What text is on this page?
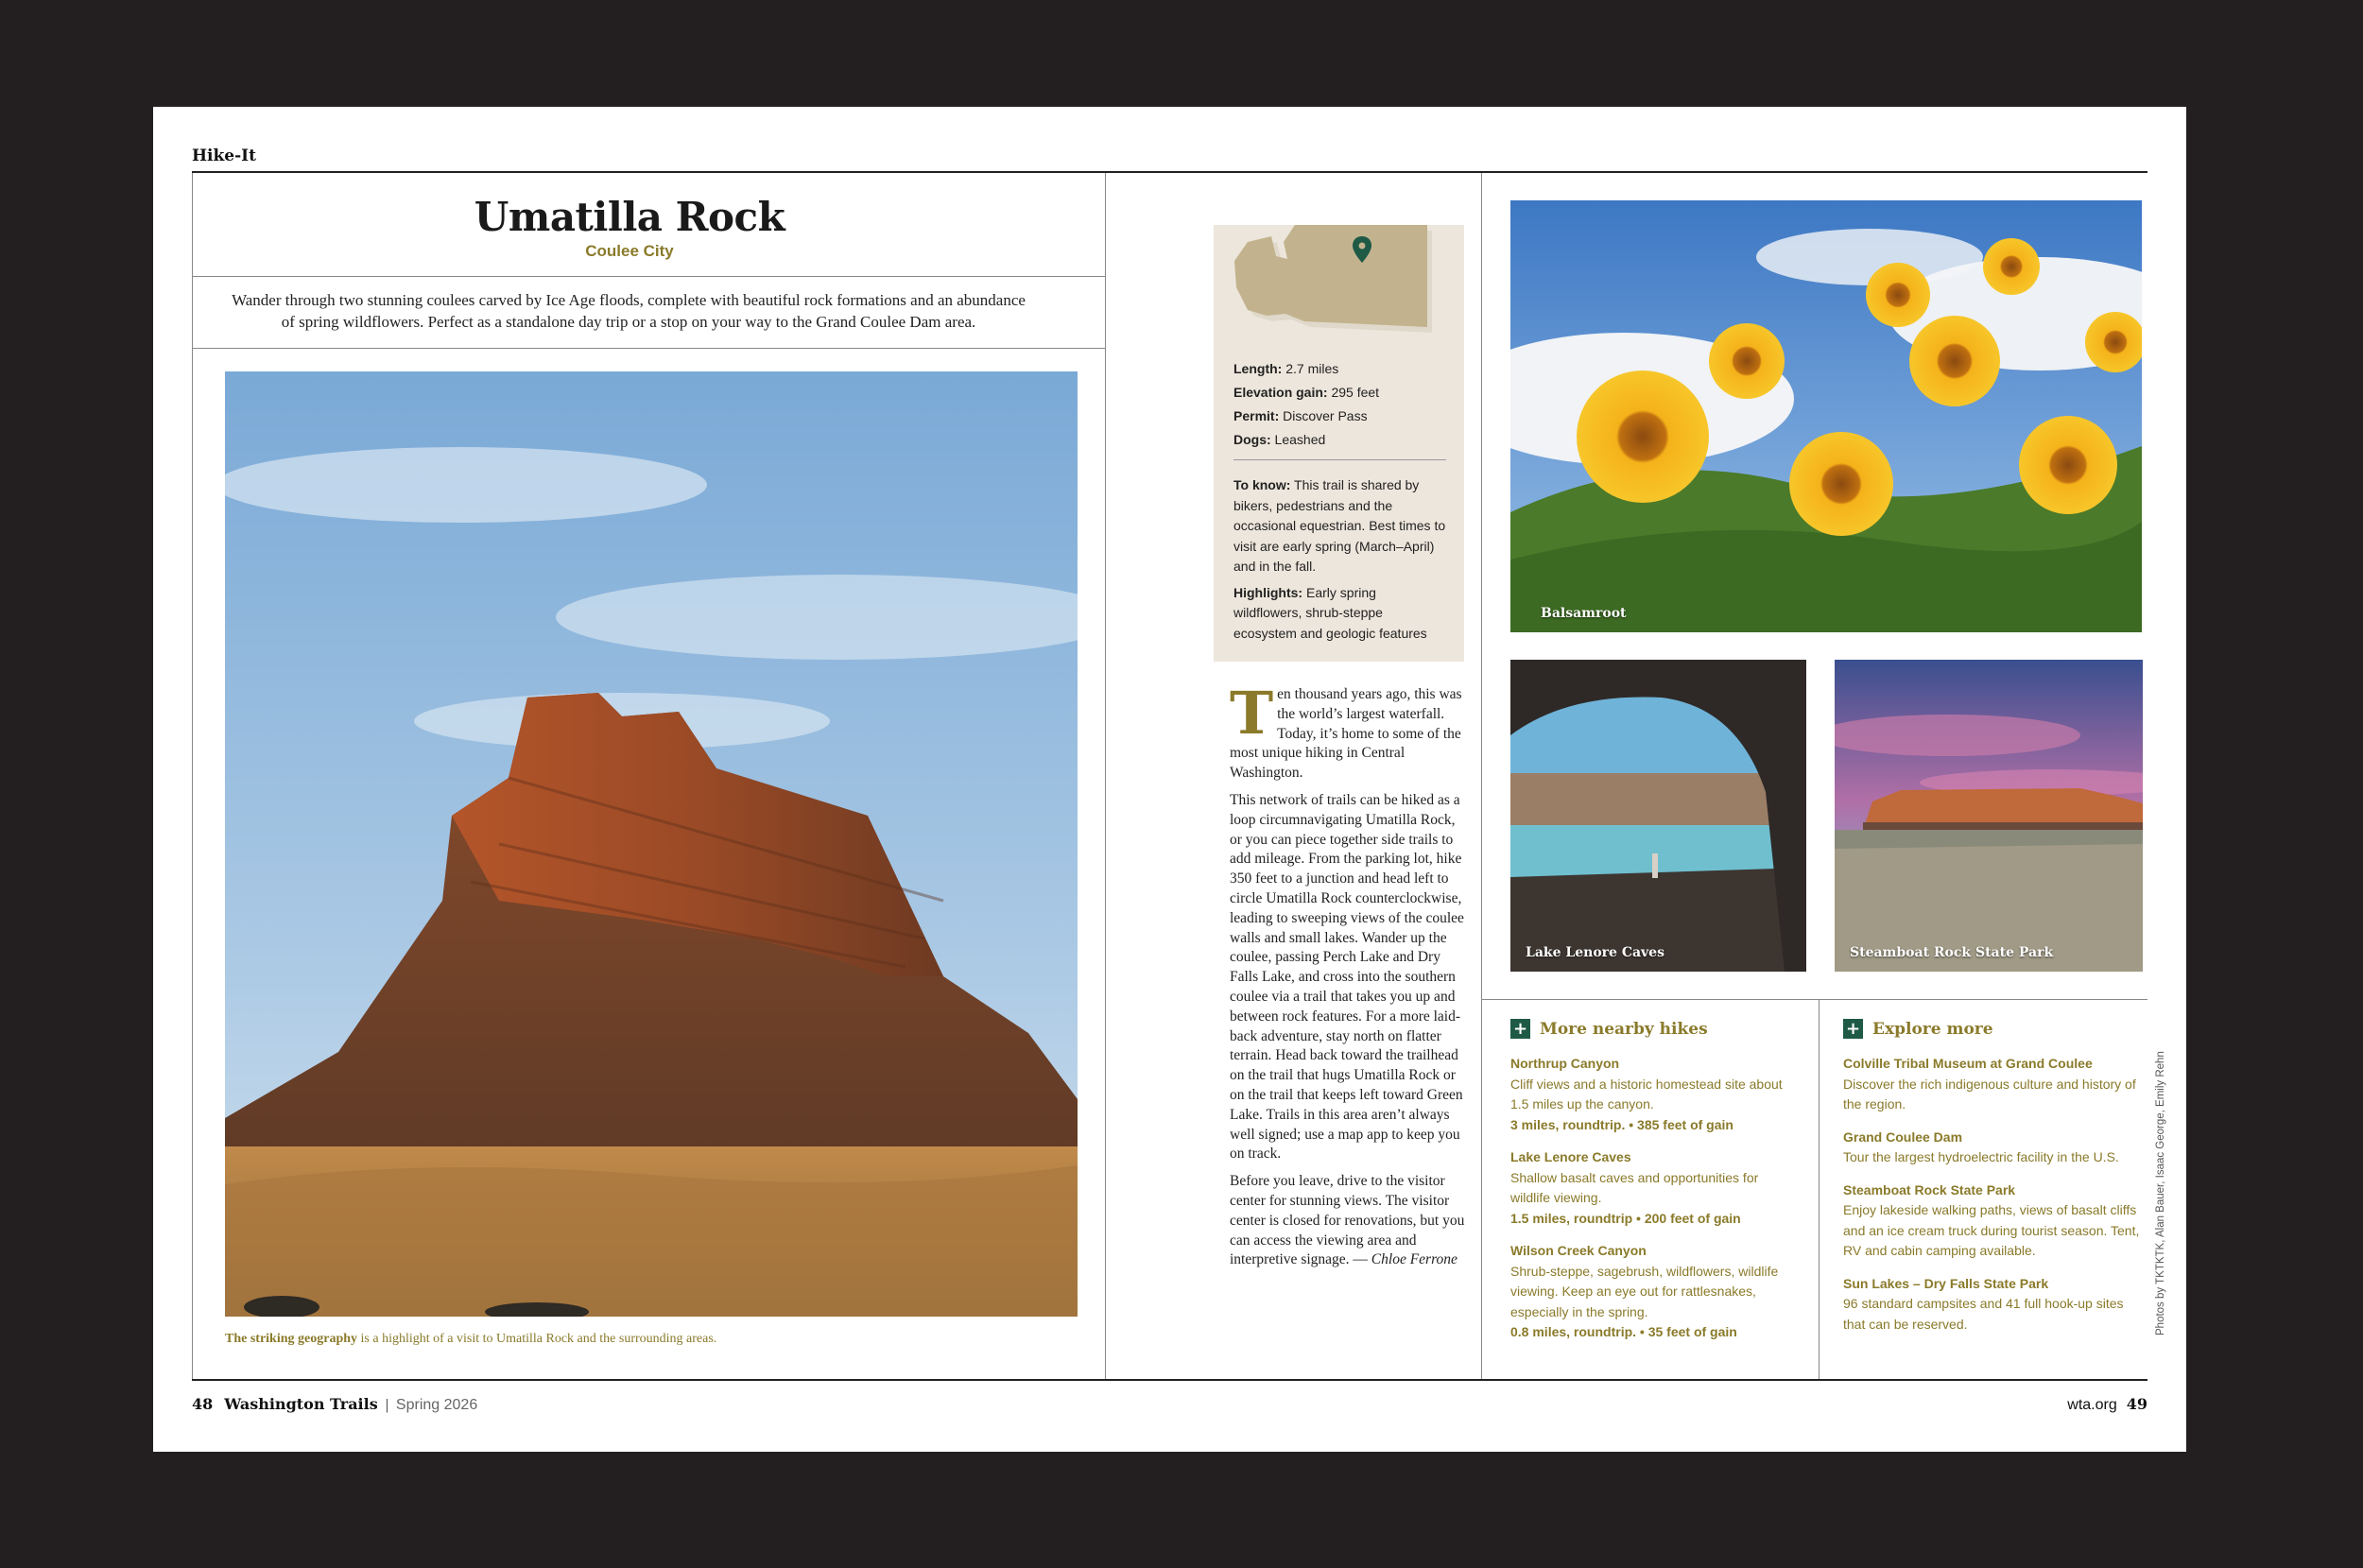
Hike-It
Umatilla Rock
Coulee City
Wander through two stunning coulees carved by Ice Age floods, complete with beautiful rock formations and an abundance of spring wildflowers. Perfect as a standalone day trip or a stop on your way to the Grand Coulee Dam area.
The striking geography is a highlight of a visit to Umatilla Rock and the surrounding areas.
Length: 2.7 miles
Elevation gain: 295 feet
Permit: Discover Pass
Dogs: Leashed

To know: This trail is shared by bikers, pedestrians and the occasional equestrian. Best times to visit are early spring (March–April) and in the fall.

Highlights: Early spring wildflowers, shrub-steppe ecosystem and geologic features

Ten thousand years ago, this was the world’s largest waterfall. Today, it’s home to some of the most unique hiking in Central Washington.

This network of trails can be hiked as a loop circumnavigating Umatilla Rock, or you can piece together side trails to add mileage. From the parking lot, hike 350 feet to a junction and head left to circle Umatilla Rock counterclockwise, leading to sweeping views of the coulee walls and small lakes. Wander up the coulee, passing Perch Lake and Dry Falls Lake, and cross into the southern coulee via a trail that takes you up and between rock features. For a more laid-back adventure, stay north on flatter terrain. Head back toward the trailhead on the trail that hugs Umatilla Rock or on the trail that keeps left toward Green Lake. Trails in this area aren’t always well signed; use a map app to keep you on track.

Before you leave, drive to the visitor center for stunning views. The visitor center is closed for renovations, but you can access the viewing area and interpretive signage. — Chloe Ferrone

Balsamroot
Lake Lenore Caves	Steamboat Rock State Park
+ More nearby hikes
Northrup Canyon
Cliff views and a historic homestead site about 1.5 miles up the canyon.
3 miles, roundtrip. • 385 feet of gain
Lake Lenore Caves
Shallow basalt caves and opportunities for wildlife viewing.
1.5 miles, roundtrip • 200 feet of gain
Wilson Creek Canyon
Shrub-steppe, sagebrush, wildflowers, wildlife viewing. Keep an eye out for rattlesnakes, especially in the spring.
0.8 miles, roundtrip. • 35 feet of gain
+ Explore more
Colville Tribal Museum at Grand Coulee
Discover the rich indigenous culture and history of the region.
Grand Coulee Dam
Tour the largest hydroelectric facility in the U.S.
Steamboat Rock State Park
Enjoy lakeside walking paths, views of basalt cliffs and an ice cream truck during tourist season. Tent, RV and cabin camping available.
Sun Lakes – Dry Falls State Park
96 standard campsites and 41 full hook-up sites that can be reserved.	Photos by TKTKTK, Alan Bauer, Isaac George, Emily Rehn
48 Washington Trails | Spring 2026	wta.org 49
